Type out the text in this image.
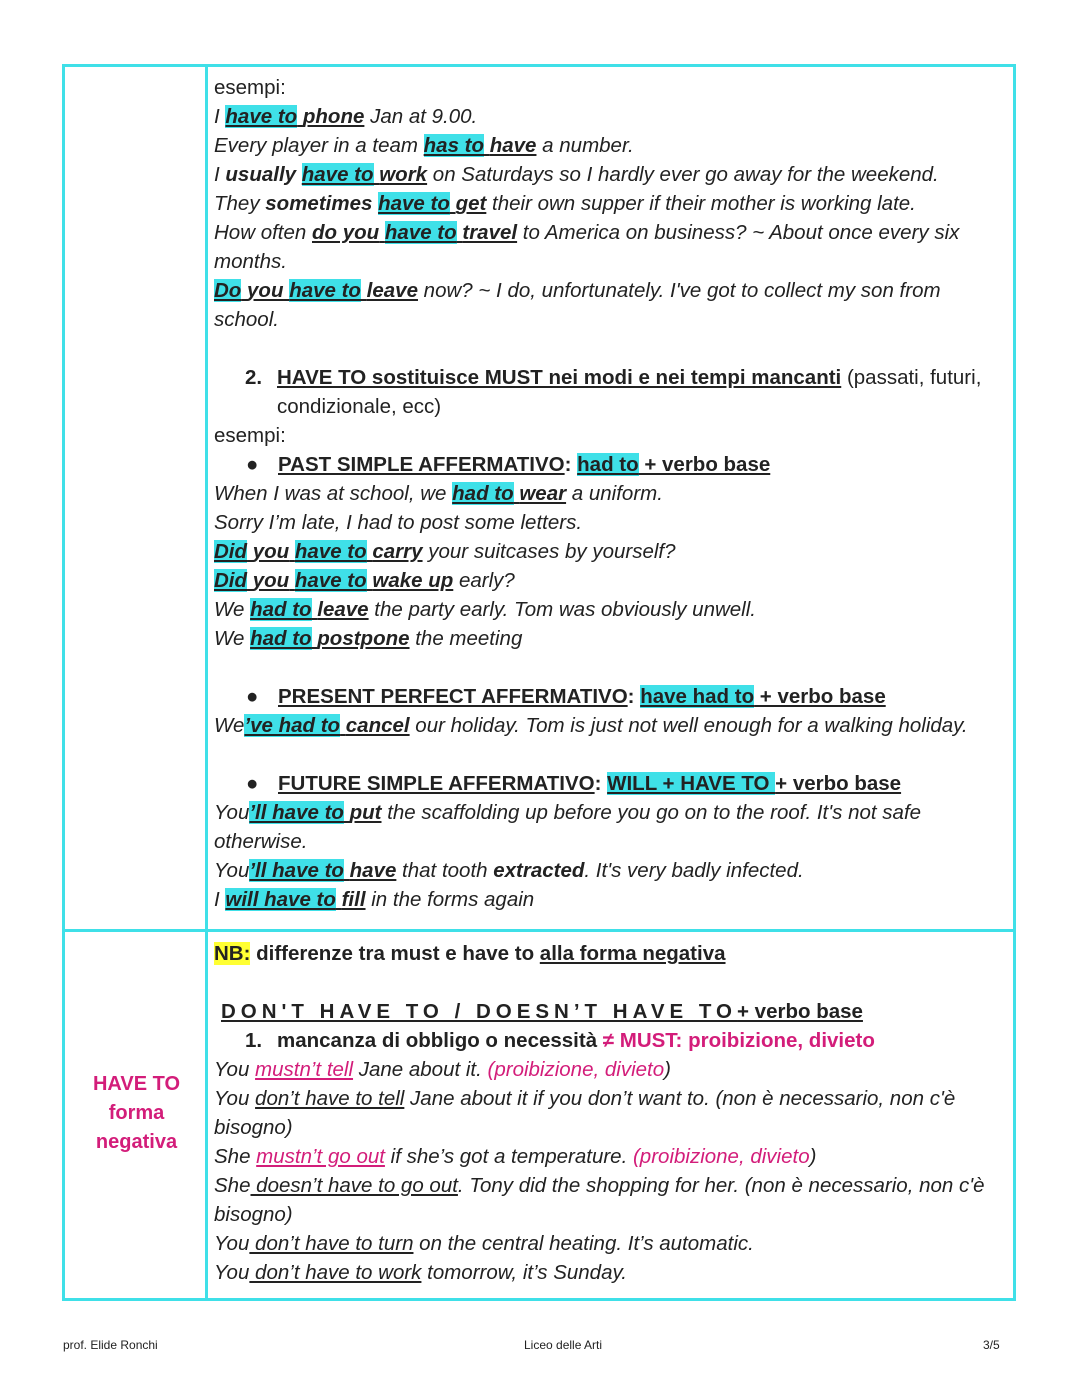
HAVE TO
forma
negativa
esempi:
I have to phone Jan at 9.00.
Every player in a team has to have a number.
I usually have to work on Saturdays so I hardly ever go away for the weekend.
They sometimes have to get their own supper if their mother is working late.
How often do you have to travel to America on business? ~ About once every six
months.
Do you have to leave now? ~ I do, unfortunately. I've got to collect my son from
school.
2. HAVE TO sostituisce MUST nei modi e nei tempi mancanti (passati, futuri,
condizionale, ecc)
esempi:
● PAST SIMPLE AFFERMATIVO: had to + verbo base
When I was at school, we had to wear a uniform.
Sorry I’m late, I had to post some letters.
Did you have to carry your suitcases by yourself?
Did you have to wake up early?
We had to leave the party early. Tom was obviously unwell.
We had to postpone the meeting
● PRESENT PERFECT AFFERMATIVO: have had to + verbo base
We’ve had to cancel our holiday. Tom is just not well enough for a walking holiday.
● FUTURE SIMPLE AFFERMATIVO: WILL + HAVE TO + verbo base
You’ll have to put the scaffolding up before you go on to the roof. It's not safe
otherwise.
You’ll have to have that tooth extracted. It's very badly infected.
I will have to fill in the forms again
NB: differenze tra must e have to alla forma negativa
DON'T HAVE TO / DOESN’T HAVE TO+ verbo base
1. mancanza di obbligo o necessità ≠ MUST: proibizione, divieto
You mustn’t tell Jane about it. (proibizione, divieto)
You don’t have to tell Jane about it if you don’t want to. (non è necessario, non c'è
bisogno)
She mustn’t go out if she’s got a temperature. (proibizione, divieto)
She doesn’t have to go out. Tony did the shopping for her. (non è necessario, non c'è
bisogno)
You don’t have to turn on the central heating. It’s automatic.
You don’t have to work tomorrow, it’s Sunday.
prof. Elide Ronchi	Liceo delle Arti	3/5
